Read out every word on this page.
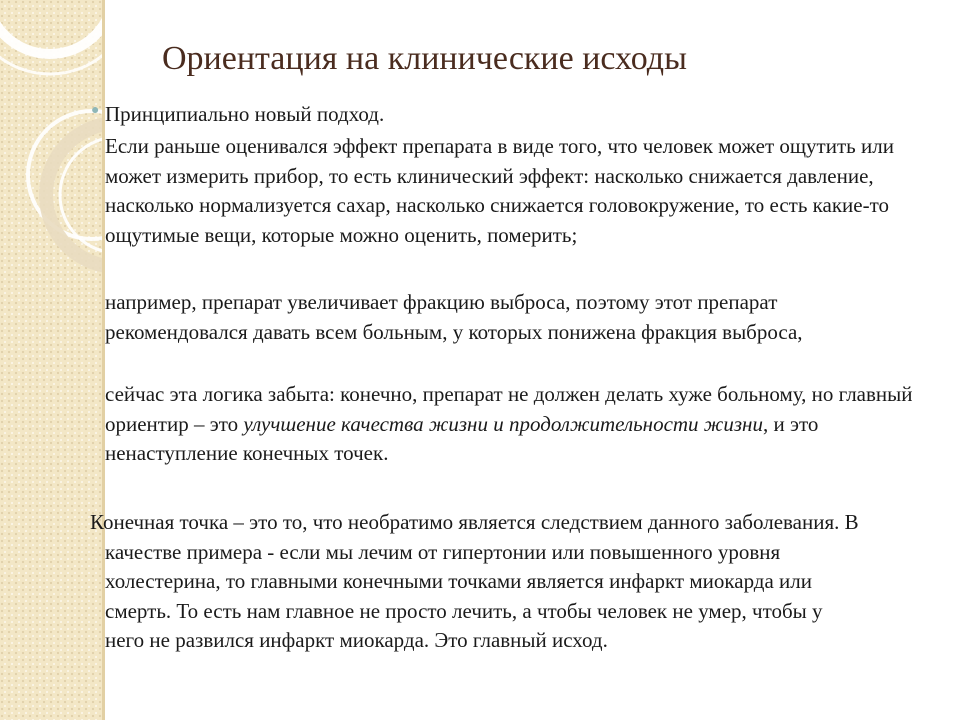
Ориентация на клинические исходы
● Принципиально новый подход.

Если раньше оценивался эффект препарата в виде того, что человек может ощутить или может измерить прибор, то есть клинический эффект: насколько снижается давление, насколько нормализуется сахар, насколько снижается головокружение, то есть какие-то ощутимые вещи, которые можно оценить, померить;

например, препарат увеличивает фракцию выброса, поэтому этот препарат рекомендовался давать всем больным, у которых понижена фракция выброса,

сейчас эта логика забыта: конечно, препарат не должен делать хуже больному, но главный ориентир – это улучшение качества жизни и продолжительности жизни, и это ненаступление конечных точек.

Конечная точка – это то, что необратимо является следствием данного заболевания. В качестве примера - если мы лечим от гипертонии или повышенного уровня холестерина, то главными конечными точками является инфаркт миокарда или смерть. То есть нам главное не просто лечить, а чтобы человек не умер, чтобы у него не развился инфаркт миокарда. Это главный исход.
